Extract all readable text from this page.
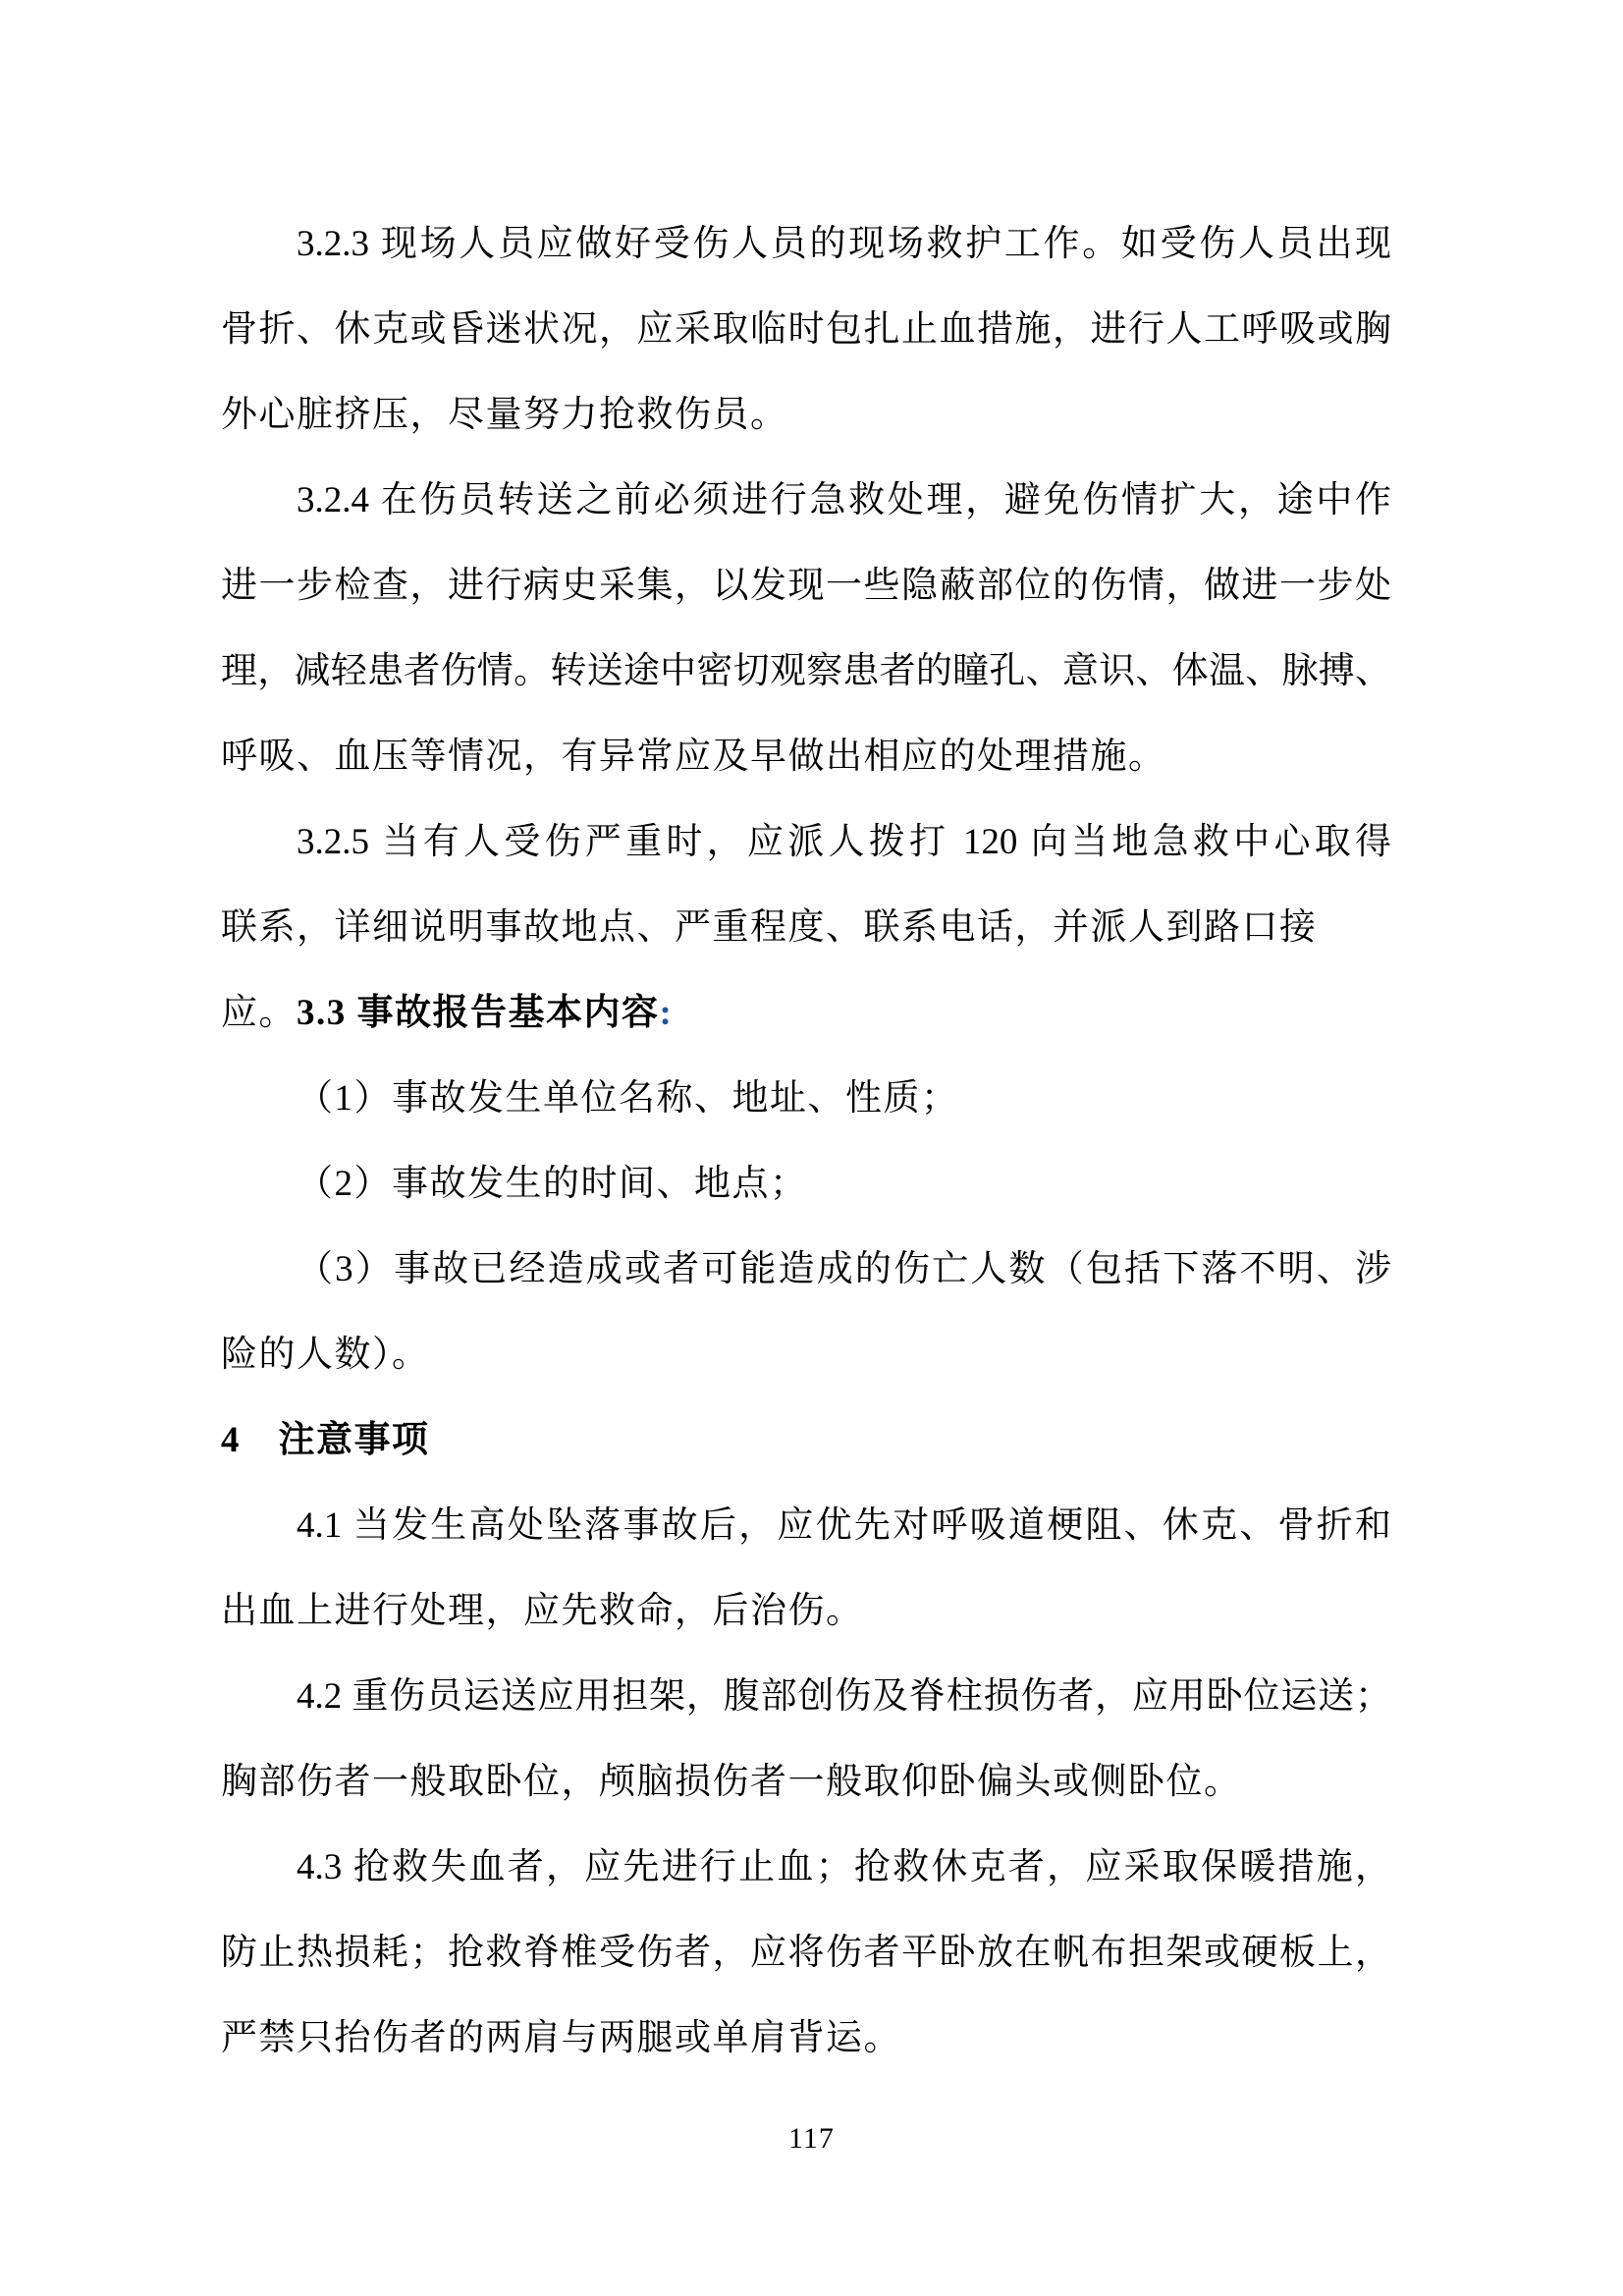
3.2.3 现场人员应做好受伤人员的现场救护工作。如受伤人员出现
骨折、休克或昏迷状况，应采取临时包扎止血措施，进行人工呼吸或胸
外心脏挤压，尽量努力抢救伤员。
3.2.4 在伤员转送之前必须进行急救处理，避免伤情扩大，途中作
进一步检查，进行病史采集，以发现一些隐蔽部位的伤情，做进一步处
理，减轻患者伤情。转送途中密切观察患者的瞳孔、意识、体温、脉搏、
呼吸、血压等情况，有异常应及早做出相应的处理措施。
3.2.5 当有人受伤严重时，应派人拨打 120 向当地急救中心取得
联系，详细说明事故地点、严重程度、联系电话，并派人到路口接应。 3.3 事故报告基本内容:
（1）事故发生单位名称、地址、性质；
（2）事故发生的时间、地点；
（3）事故已经造成或者可能造成的伤亡人数（包括下落不明、涉
险的人数）。
4　注意事项
4.1 当发生高处坠落事故后，应优先对呼吸道梗阻、休克、骨折和
出血上进行处理，应先救命，后治伤。
4.2 重伤员运送应用担架，腹部创伤及脊柱损伤者，应用卧位运送；
胸部伤者一般取卧位，颅脑损伤者一般取仰卧偏头或侧卧位。
4.3 抢救失血者，应先进行止血；抢救休克者，应采取保暖措施，
防止热损耗；抢救脊椎受伤者，应将伤者平卧放在帆布担架或硬板上，
严禁只抬伤者的两肩与两腿或单肩背运。
117
